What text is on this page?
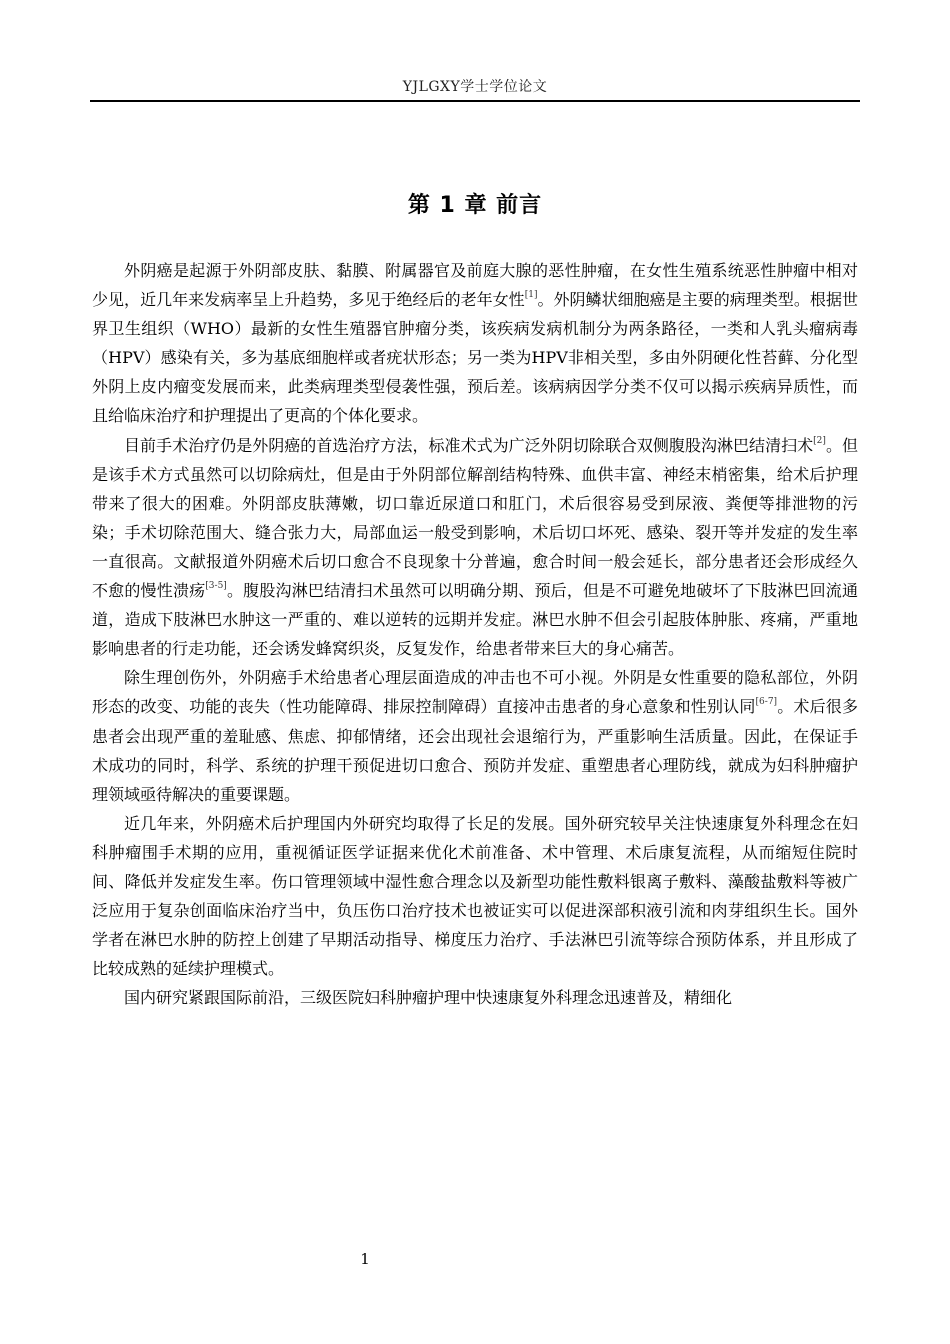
YJLGXY学士学位论文
第 1 章 前言

外阴癌是起源于外阴部皮肤、黏膜、附属器官及前庭大腺的恶性肿瘤，在女性生殖系统恶性肿瘤中相对少见，近几年来发病率呈上升趋势，多见于绝经后的老年女性[1]。外阴鳞状细胞癌是主要的病理类型。根据世界卫生组织（WHO）最新的女性生殖器官肿瘤分类，该疾病发病机制分为两条路径，一类和人乳头瘤病毒（HPV）感染有关，多为基底细胞样或者疣状形态；另一类为HPV非相关型，多由外阴硬化性苔藓、分化型外阴上皮内瘤变发展而来，此类病理类型侵袭性强，预后差。该病病因学分类不仅可以揭示疾病异质性，而且给临床治疗和护理提出了更高的个体化要求。

目前手术治疗仍是外阴癌的首选治疗方法，标准术式为广泛外阴切除联合双侧腹股沟淋巴结清扫术[2]。但是该手术方式虽然可以切除病灶，但是由于外阴部位解剖结构特殊、血供丰富、神经末梢密集，给术后护理带来了很大的困难。外阴部皮肤薄嫩，切口靠近尿道口和肛门，术后很容易受到尿液、粪便等排泄物的污染；手术切除范围大、缝合张力大，局部血运一般受到影响，术后切口坏死、感染、裂开等并发症的发生率一直很高。文献报道外阴癌术后切口愈合不良现象十分普遍，愈合时间一般会延长，部分患者还会形成经久不愈的慢性溃疡[3-5]。腹股沟淋巴结清扫术虽然可以明确分期、预后，但是不可避免地破坏了下肢淋巴回流通道，造成下肢淋巴水肿这一严重的、难以逆转的远期并发症。淋巴水肿不但会引起肢体肿胀、疼痛，严重地影响患者的行走功能，还会诱发蜂窝织炎，反复发作，给患者带来巨大的身心痛苦。

除生理创伤外，外阴癌手术给患者心理层面造成的冲击也不可小视。外阴是女性重要的隐私部位，外阴形态的改变、功能的丧失（性功能障碍、排尿控制障碍）直接冲击患者的身心意象和性别认同[6-7]。术后很多患者会出现严重的羞耻感、焦虑、抑郁情绪，还会出现社会退缩行为，严重影响生活质量。因此，在保证手术成功的同时，科学、系统的护理干预促进切口愈合、预防并发症、重塑患者心理防线，就成为妇科肿瘤护理领域亟待解决的重要课题。

近几年来，外阴癌术后护理国内外研究均取得了长足的发展。国外研究较早关注快速康复外科理念在妇科肿瘤围手术期的应用，重视循证医学证据来优化术前准备、术中管理、术后康复流程，从而缩短住院时间、降低并发症发生率。伤口管理领域中湿性愈合理念以及新型功能性敷料银离子敷料、藻酸盐敷料等被广泛应用于复杂创面临床治疗当中，负压伤口治疗技术也被证实可以促进深部积液引流和肉芽组织生长。国外学者在淋巴水肿的防控上创建了早期活动指导、梯度压力治疗、手法淋巴引流等综合预防体系，并且形成了比较成熟的延续护理模式。

国内研究紧跟国际前沿，三级医院妇科肿瘤护理中快速康复外科理念迅速普及，精细化

1
